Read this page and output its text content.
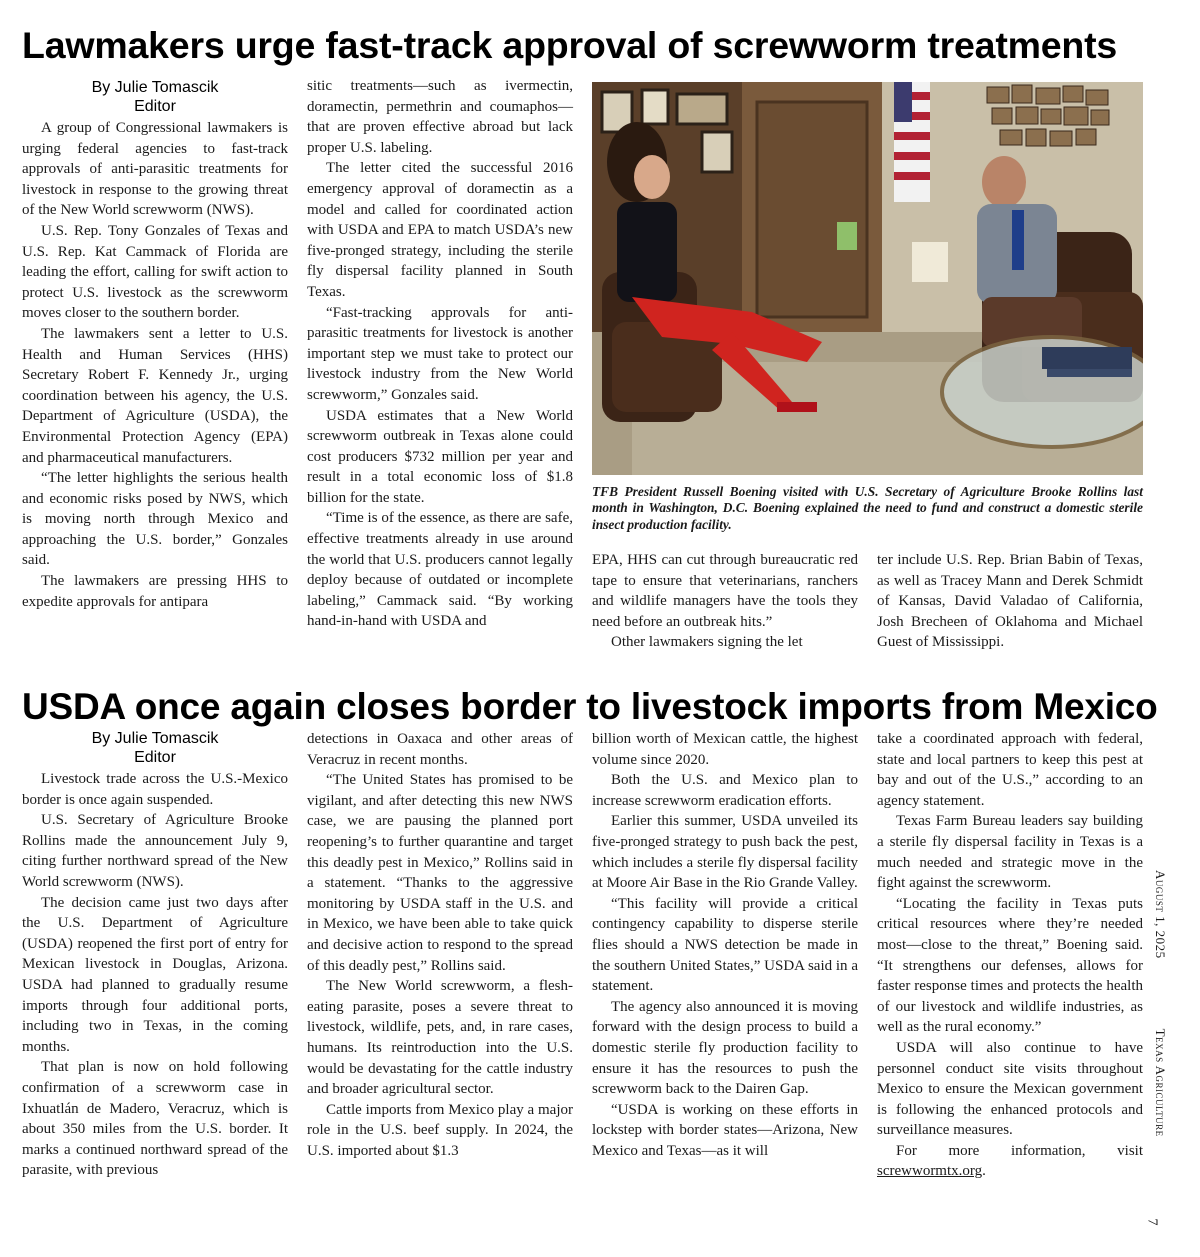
Lawmakers urge fast-track approval of screwworm treatments
By Julie Tomascik
Editor

A group of Congressional lawmakers is urging federal agencies to fast-track approvals of anti-parasitic treatments for livestock in response to the growing threat of the New World screwworm (NWS).

U.S. Rep. Tony Gonzales of Texas and U.S. Rep. Kat Cammack of Florida are leading the effort, calling for swift action to protect U.S. livestock as the screwworm moves closer to the southern border.

The lawmakers sent a letter to U.S. Health and Human Services (HHS) Secretary Robert F. Kennedy Jr., urging coordination between his agency, the U.S. Department of Agriculture (USDA), the Environmental Protection Agency (EPA) and pharmaceutical manufacturers.

“The letter highlights the serious health and economic risks posed by NWS, which is moving north through Mexico and approaching the U.S. border,” Gonzales said.

The lawmakers are pressing HHS to expedite approvals for antipara

sitic treatments—such as ivermectin, doramectin, permethrin and coumaphos—that are proven effective abroad but lack proper U.S. labeling.

The letter cited the successful 2016 emergency approval of doramectin as a model and called for coordinated action with USDA and EPA to match USDA’s new five-pronged strategy, including the sterile fly dispersal facility planned in South Texas.

“Fast-tracking approvals for anti-parasitic treatments for livestock is another important step we must take to protect our livestock industry from the New World screwworm,” Gonzales said.

USDA estimates that a New World screwworm outbreak in Texas alone could cost producers $732 million per year and result in a total economic loss of $1.8 billion for the state.

“Time is of the essence, as there are safe, effective treatments already in use around the world that U.S. producers cannot legally deploy because of outdated or incomplete labeling,” Cammack said. “By working hand-in-hand with USDA and

TFB President Russell Boening visited with U.S. Secretary of Agriculture Brooke Rollins last month in Washington, D.C. Boening explained the need to fund and construct a domestic sterile insect production facility.

EPA, HHS can cut through bureaucratic red tape to ensure that veterinarians, ranchers and wildlife managers have the tools they need before an outbreak hits.”

Other lawmakers signing the let

ter include U.S. Rep. Brian Babin of Texas, as well as Tracey Mann and Derek Schmidt of Kansas, David Valadao of California, Josh Brecheen of Oklahoma and Michael Guest of Mississippi.

USDA once again closes border to livestock imports from Mexico
By Julie Tomascik
Editor

Livestock trade across the U.S.-Mexico border is once again suspended.

U.S. Secretary of Agriculture Brooke Rollins made the announcement July 9, citing further northward spread of the New World screwworm (NWS).

The decision came just two days after the U.S. Department of Agriculture (USDA) reopened the first port of entry for Mexican livestock in Douglas, Arizona. USDA had planned to gradually resume imports through four additional ports, including two in Texas, in the coming months.

That plan is now on hold following confirmation of a screwworm case in Ixhuatlán de Madero, Veracruz, which is about 350 miles from the U.S. border. It marks a continued northward spread of the parasite, with previous

detections in Oaxaca and other areas of Veracruz in recent months.

“The United States has promised to be vigilant, and after detecting this new NWS case, we are pausing the planned port reopening’s to further quarantine and target this deadly pest in Mexico,” Rollins said in a statement. “Thanks to the aggressive monitoring by USDA staff in the U.S. and in Mexico, we have been able to take quick and decisive action to respond to the spread of this deadly pest,” Rollins said.

The New World screwworm, a flesh-eating parasite, poses a severe threat to livestock, wildlife, pets, and, in rare cases, humans. Its reintroduction into the U.S. would be devastating for the cattle industry and broader agricultural sector.

Cattle imports from Mexico play a major role in the U.S. beef supply. In 2024, the U.S. imported about $1.3

billion worth of Mexican cattle, the highest volume since 2020.

Both the U.S. and Mexico plan to increase screwworm eradication efforts.

Earlier this summer, USDA unveiled its five-pronged strategy to push back the pest, which includes a sterile fly dispersal facility at Moore Air Base in the Rio Grande Valley.

“This facility will provide a critical contingency capability to disperse sterile flies should a NWS detection be made in the southern United States,” USDA said in a statement.

The agency also announced it is moving forward with the design process to build a domestic sterile fly production facility to ensure it has the resources to push the screwworm back to the Dairen Gap.

“USDA is working on these efforts in lockstep with border states—Arizona, New Mexico and Texas—as it will

take a coordinated approach with federal, state and local partners to keep this pest at bay and out of the U.S.,” according to an agency statement.

Texas Farm Bureau leaders say building a sterile fly dispersal facility in Texas is a much needed and strategic move in the fight against the screwworm.

“Locating the facility in Texas puts critical resources where they’re needed most—close to the threat,” Boening said. “It strengthens our defenses, allows for faster response times and protects the health of our livestock and wildlife industries, as well as the rural economy.”

USDA will also continue to have personnel conduct site visits throughout Mexico to ensure the Mexican government is following the enhanced protocols and surveillance measures.

For more information, visit screwwormtx.org.

August 1, 2025Texas Agriculture
7
